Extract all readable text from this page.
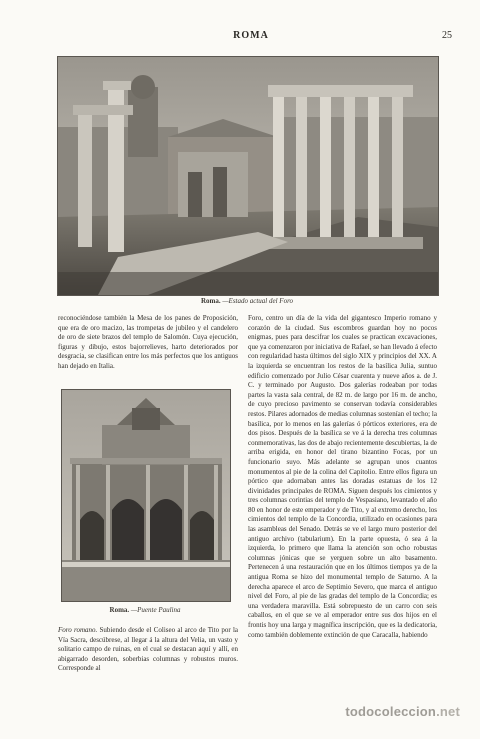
ROMA	25
Roma. —Estado actual del Foro

reconociéndose también la Mesa de los panes de Proposición, que era de oro macizo, las trompetas de jubileo y el candelero de oro de siete brazos del templo de Salomón. Cuya ejecución, figuras y dibujo, estos bajorrelieves, harto deteriorados por desgracia, se clasifican entre los más perfectos que los antiguos han dejado en Italia.

Roma. —Puente Paulina

Foro romano. Subiendo desde el Coliseo al arco de Tito por la Vía Sacra, descúbrese, al llegar á la altura del Velia, un vasto y solitario campo de ruinas, en el cual se destacan aquí y allí, en abigarrado desorden, soberbias columnas y robustos muros. Corresponde al

Foro, centro un día de la vida del gigantesco Imperio romano y corazón de la ciudad. Sus escombros guardan hoy no pocos enigmas, pues para descifrar los cuales se practican excavaciones, que ya comenzaron por iniciativa de Rafael, se han llevado á efecto con regularidad hasta últimos del siglo XIX y principios del XX. A la izquierda se encuentran los restos de la basílica Julia, suntuo edificio comenzado por Julio César cuarenta y nueve años a. de J. C. y terminado por Augusto. Dos galerías rodeaban por todas partes la vasta sala central, de 82 m. de largo por 16 m. de ancho, de cuyo precioso pavimento se conservan todavía considerables restos. Pilares adornados de medias columnas sostenían el techo; la basílica, por lo menos en las galerías ó pórticos exteriores, era de dos pisos. Después de la basílica se ve á la derecha tres columnas conmemorativas, las dos de abajo recientemente descubiertas, la de arriba erigida, en honor del tirano bizantino Focas, por un funcionario suyo. Más adelante se agrupan unos cuantos monumentos al pie de la colina del Capitolio. Entre ellos figura un pórtico que adornaban antes las doradas estatuas de los 12 divinidades principales de ROMA. Siguen después los cimientos y tres columnas corintias del templo de Vespasiano, levantado el año 80 en honor de este emperador y de Tito, y al extremo derecho, los cimientos del templo de la Concordia, utilizado en ocasiones para las asambleas del Senado. Detrás se ve el largo muro posterior del antiguo archivo (tabularium). En la parte opuesta, ó sea á la izquierda, lo primero que llama la atención son ocho robustas columnas jónicas que se yerguen sobre un alto basamento. Pertenecen á una restauración que en los últimos tiempos ya de la antigua Roma se hizo del monumental templo de Saturno. A la derecha aparece el arco de Septimio Severo, que marca el antiguo nivel del Foro, al pie de las gradas del templo de la Concordia; es una verdadera maravilla. Está sobrepuesto de un carro con seis caballos, en el que se ve al emperador entre sus dos hijos en el frontis hoy una larga y magnífica inscripción, que es la dedicatoria, como también doblemente extinción de que Caracalla, habiendo

todocoleccion.net
